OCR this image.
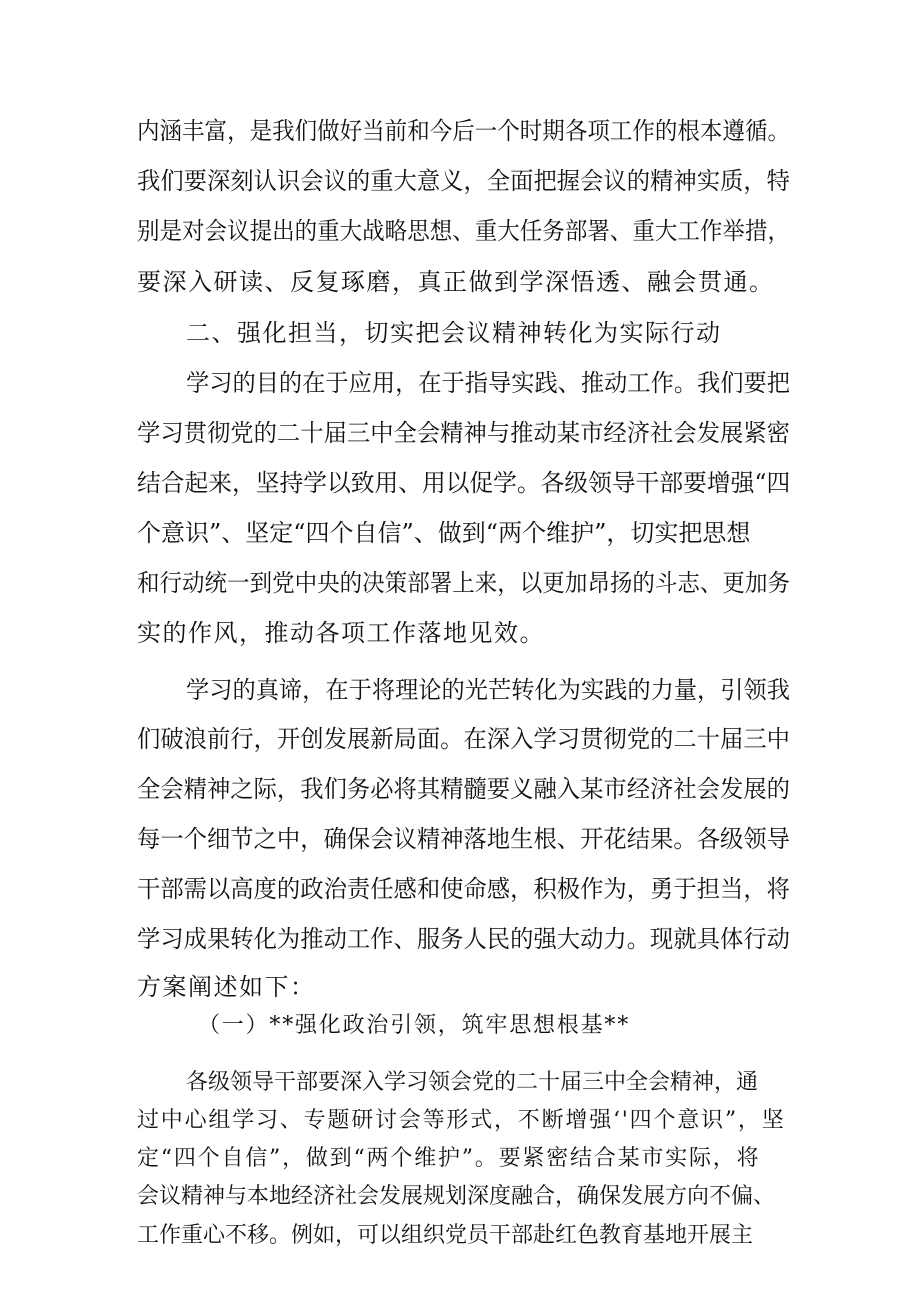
内涵丰富，是我们做好当前和今后一个时期各项工作的根本遵循。

我们要深刻认识会议的重大意义，全面把握会议的精神实质，特

别是对会议提出的重大战略思想、重大任务部署、重大工作举措，

要深入研读、反复琢磨，真正做到学深悟透、融会贯通。

二、强化担当，切实把会议精神转化为实际行动

学习的目的在于应用，在于指导实践、推动工作。我们要把

学习贯彻党的二十届三中全会精神与推动某市经济社会发展紧密

结合起来，坚持学以致用、用以促学。各级领导干部要增强“四

个意识”、坚定“四个自信”、做到“两个维护”，切实把思想

和行动统一到党中央的决策部署上来，以更加昂扬的斗志、更加务

实的作风，推动各项工作落地见效。

学习的真谛，在于将理论的光芒转化为实践的力量，引领我

们破浪前行，开创发展新局面。在深入学习贯彻党的二十届三中

全会精神之际，我们务必将其精髓要义融入某市经济社会发展的

每一个细节之中，确保会议精神落地生根、开花结果。各级领导

干部需以高度的政治责任感和使命感，积极作为，勇于担当，将

学习成果转化为推动工作、服务人民的强大动力。现就具体行动

方案阐述如下：

（一）**强化政治引领，筑牢思想根基**

各级领导干部要深入学习领会党的二十届三中全会精神，通

过中心组学习、专题研讨会等形式，不断增强‘'四个意识”，坚

定“四个自信”，做到“两个维护”。要紧密结合某市实际，将

会议精神与本地经济社会发展规划深度融合，确保发展方向不偏、

工作重心不移。例如，可以组织党员干部赴红色教育基地开展主
